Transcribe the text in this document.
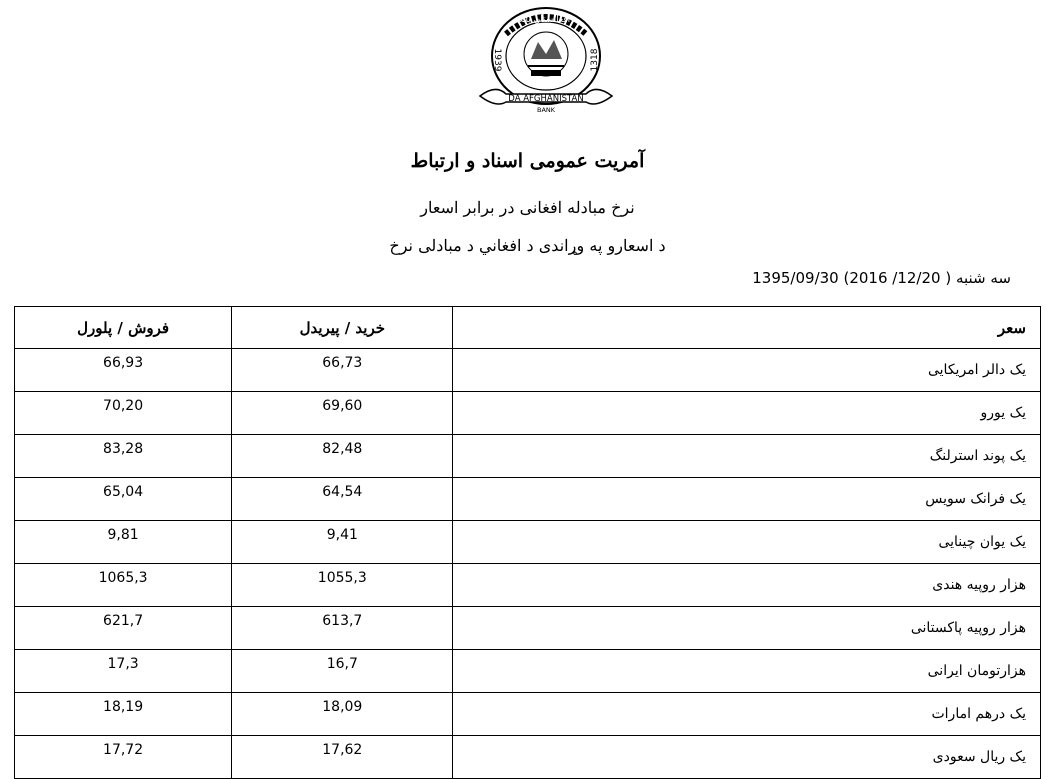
1939	1318
د افغانستان بانک
DA AFGHANISTAN
BANK
آمریت عمومی اسناد و ارتباط
نرخ مبادله افغانی در برابر اسعار
د اسعارو په وړاندی د افغاني د مبادلی نرخ
سه شنبه 1395/09/30 (2016 /12/20 )
فروش / پلورل	خرید / پیریدل	سعر
66,93	66,73	یک دالر امریکایی
70,20	69,60	یک یورو
83,28	82,48	یک پوند استرلنگ
65,04	64,54	یک فرانک سویس
9,81	9,41	یک یوان چینایی
1065,3	1055,3	هزار روپیه هندی
621,7	613,7	هزار روپیه پاکستانی
17,3	16,7	هزارتومان ایرانی
18,19	18,09	یک درهم امارات
17,72	17,62	یک ریال سعودی
